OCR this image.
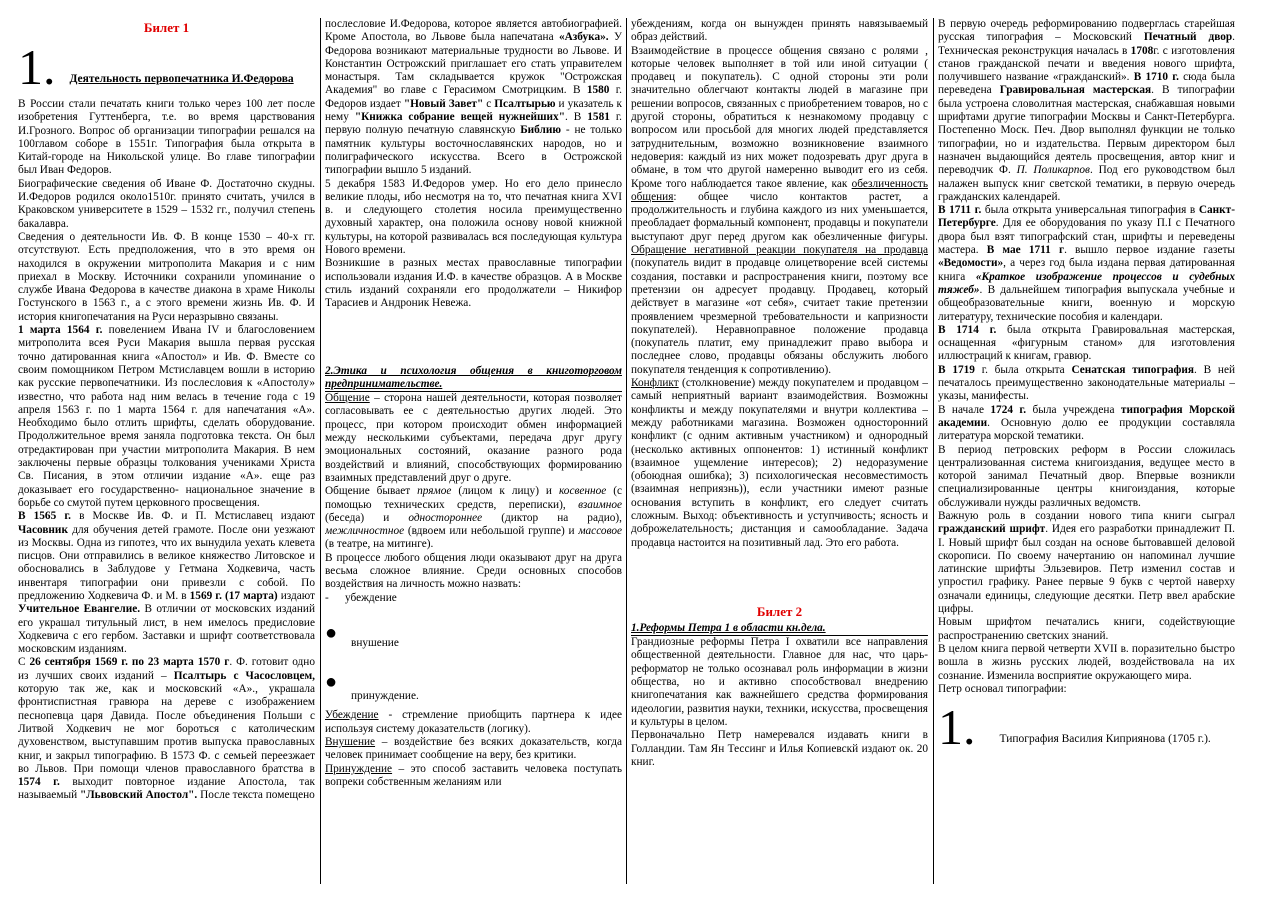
Билет 1
1 . Деятельность первопечатника И.Федорова

В России стали печатать книги только через 100 лет после изобретения Гуттенберга, т.е. во время царствования И.Грозного. Вопрос об организации типографии решался на 100главом соборе в 1551г. Типография была открыта в Китай-городе на Никольской улице. Во главе типографии был Иван Федоров.

Биографические сведения об Иване Ф. Достаточно скудны. И.Федоров родился около1510г. принято считать, учился в Краковском университете в 1529 – 1532 гг., получил степень бакалавра.

Сведения о деятельности Ив. Ф. В конце 1530 – 40-х гг. отсутствуют. Есть предположения, что в это время он находился в окружении митрополита Макария и с ним приехал в Москву. Источники сохранили упоминание о службе Ивана Федорова в качестве диакона в храме Николы Гостунского в 1563 г., а с этого времени жизнь Ив. Ф. И история книгопечатания на Руси неразрывно связаны.

1 марта 1564 г. повелением Ивана IV и благословением митрополита всея Руси Макария вышла первая русская точно датированная книга «Апостол» и Ив. Ф. Вместе со своим помощником Петром Мстиславцем вошли в историю как русские первопечатники. Из послесловия к «Апостолу» известно, что работа над ним велась в течение года с 19 апреля 1563 г. по 1 марта 1564 г. для напечатания «А». Необходимо было отлить шрифты, сделать оборудование. Продолжительное время заняла подготовка текста. Он был отредактирован при участии митрополита Макария. В нем заключены первые образцы толкования учениками Христа Св. Писания, в этом отличии издание «А». еще раз доказывает его государственно- национальное значение в борьбе со смутой путем церковного просвещения.

В 1565 г. в Москве Ив. Ф. и П. Мстиславец издают Часовник для обучения детей грамоте. После они уезжают из Москвы. Одна из гипотез, что их вынудила уехать клевета писцов. Они отправились в великое княжество Литовское и обосновались в Заблудове у Гетмана Ходкевича, часть инвентаря типографии они привезли с собой. По предложению Ходкевича Ф. и М. в 1569 г. (17 марта) издают Учительное Евангелие. В отличии от московских изданий его украшал титульный лист, в нем имелось предисловие Ходкевича с его гербом. Заставки и шрифт соответствовала московским изданиям.

С 26 сентября 1569 г. по 23 марта 1570 г. Ф. готовит одно из лучших своих изданий – Псалтырь с Часословцем, которую так же, как и московский «А»., украшала фронтиспистная гравюра на дереве с изображением песнопевца царя Давида. После объединения Польши с Литвой Ходкевич не мог бороться с католическим духовенством, выступавшим против выпуска православных книг, и закрыл типографию. В 1573 Ф. с семьей переезжает во Львов. При помощи членов православного братства в 1574 г. выходит повторное издание Апостола, так называемый "Львовский Апостол". После текста помещено

послесловие И.Федорова, которое является автобиографией. Кроме Апостола, во Львове была напечатана «Азбука». У Федорова возникают материальные трудности во Львове. И Константин Острожский приглашает его стать управителем монастыря. Там складывается кружок "Острожская Академия" во главе с Герасимом Смотрицким. В 1580 г. Федоров издает "Новый Завет" с Псалтырью и указатель к нему "Книжка собрание вещей нужнейших". В 1581 г. первую полную печатную славянскую Библию - не только памятник культуры восточнославянских народов, но и полиграфического искусства. Всего в Острожской типографии вышло 5 изданий.

5 декабря 1583 И.Федоров умер. Но его дело принесло великие плоды, ибо несмотря на то, что печатная книга XVI в. и следующего столетия носила преимущественно духовный характер, она положила основу новой книжной культуры, на которой развивалась вся последующая культура Нового времени.

Возникшие в разных местах православные типографии использовали издания И.Ф. в качестве образцов. А в Москве стиль изданий сохраняли его продолжатели – Никифор Тарасиев и Андроник Невежа.

2.Этика и психология общения в книготорговом предпринимательстве.

Общение – сторона нашей деятельности, которая позволяет согласовывать ее с деятельностью других людей. Это процесс, при котором происходит обмен информацией между несколькими субъектами, передача друг другу эмоциональных состояний, оказание разного рода воздействий и влияний, способствующих формированию взаимных представлений друг о друге.

Общение бывает прямое (лицом к лицу) и косвенное (с помощью технических средств, переписки), взаимное (беседа) и одностороннее (диктор на радио), межличностное (вдвоем или небольшой группе) и массовое (в театре, на митинге).

В процессе любого общения люди оказывают друг на друга весьма сложное влияние. Среди основных способов воздействия на личность можно назвать:

-	убеждение
●	внушение
●
принуждение.

Убеждение - стремление приобщить партнера к идее используя систему доказательств (логику).

Внушение – воздействие без всяких доказательств, когда человек принимает сообщение на веру, без критики.

Принуждение – это способ заставить человека поступать вопреки собственным желаниям или

убеждениям, когда он вынужден принять навязываемый образ действий.

Взаимодействие в процессе общения связано с ролями , которые человек выполняет в той или иной ситуации ( продавец и покупатель). С одной стороны эти роли значительно облегчают контакты людей в магазине при решении вопросов, связанных с приобретением товаров, но с другой стороны, обратиться к незнакомому продавцу с вопросом или просьбой для многих людей представляется затруднительным, возможно возникновение взаимного недоверия: каждый из них может подозревать друг друга в обмане, в том что другой намеренно выводит его из себя. Кроме того наблюдается такое явление, как обезличенность общения: общее число контактов растет, а продолжительность и глубина каждого из них уменьшается, преобладает формальный компонент, продавцы и покупатели выступают друг перед другом как обезличенные фигуры. Обращение негативной реакции покупателя на продавца (покупатель видит в продавце олицетворение всей системы создания, поставки и распространения книги, поэтому все претензии он адресует продавцу. Продавец, который действует в магазине «от себя», считает такие претензии проявлением чрезмерной требовательности и капризности покупателей). Неравноправное положение продавца (покупатель платит, ему принадлежит право выбора и последнее слово, продавцы обязаны обслужить любого покупателя тенденция к сопротивлению).

Конфликт (столкновение) между покупателем и продавцом – самый неприятный вариант взаимодействия. Возможны конфликты и между покупателями и внутри коллектива – между работниками магазина. Возможен односторонний конфликт (с одним активным участником) и однородный (несколько активных оппонентов: 1) истинный конфликт (взаимное ущемление интересов); 2) недоразумение (обоюдная ошибка); 3) психологическая несовместимость (взаимная неприязнь)), если участники имеют разные основания вступить в конфликт, его следует считать сложным. Выход: объективность и уступчивость; ясность и доброжелательность; дистанция и самообладание. Задача продавца настоится на позитивный лад. Это его работа.

Билет 2

1.Реформы Петра 1 в области кн.дела.

Грандиозные реформы Петра I охватили все направления общественной деятельности. Главное для нас, что царь- реформатор не только осознавал роль информации в жизни общества, но и активно способствовал внедрению книгопечатания как важнейшего средства формирования идеологии, развития науки, техники, искусства, просвещения и культуры в целом.

Первоначально Петр намеревался издавать книги в Голландии. Там Ян Тессинг и Илья Копиевскй издают ок. 20 книг.

В первую очередь реформированию подверглась старейшая русская типография – Московский Печатный двор. Техническая реконструкция началась в 1708г. с изготовления станов гражданской печати и введения нового шрифта, получившего название «гражданский». В 1710 г. сюда была переведена Гравировальная мастерская. В типографии была устроена словолитная мастерская, снабжавшая новыми шрифтами другие типографии Москвы и Санкт-Петербурга. Постепенно Моск. Печ. Двор выполнял функции не только типографии, но и издательства. Первым директором был назначен выдающийся деятель просвещения, автор книг и переводчик Ф. П. Поликарпов. Под его руководством был налажен выпуск книг светской тематики, в первую очередь гражданских календарей.

В 1711 г. была открыта универсальная типография в Санкт-Петербурге. Для ее оборудования по указу П.I с Печатного двора был взят типографский стан, шрифты и переведены мастера. В мае 1711 г. вышло первое издание газеты «Ведомости», а через год была издана первая датированная книга «Краткое изображение процессов и судебных тяжеб». В дальнейшем типография выпускала учебные и общеобразовательные книги, военную и морскую литературу, технические пособия и календари.

В 1714 г. была открыта Гравировальная мастерская, оснащенная «фигурным станом» для изготовления иллюстраций к книгам, гравюр.

В 1719 г. была открыта Сенатская типография. В ней печаталось преимущественно законодательные материалы – указы, манифесты.

В начале 1724 г. была учреждена типография Морской академии. Основную долю ее продукции составляла литература морской тематики.

В период петровских реформ в России сложилась централизованная система книгоиздания, ведущее место в которой занимал Печатный двор. Впервые возникли специализированные центры книгоиздания, которые обслуживали нужды различных ведомств.

Важную роль в создании нового типа книги сыграл гражданский шрифт. Идея его разработки принадлежит П. I. Новый шрифт был создан на основе бытовавшей деловой скорописи. По своему начертанию он напоминал лучшие латинские шрифты Эльзевиров. Петр изменил состав и упростил графику. Ранее первые 9 букв с чертой наверху означали единицы, следующие десятки. Петр ввел арабские цифры.

Новым шрифтом печатались книги, содействующие распространению светских знаний.

В целом книга первой четверти XVII в. поразительно быстро вошла в жизнь русских людей, воздействовала на их сознание. Изменила восприятие окружающего мира.

Петр основал типографии:

1 . Типография Василия Киприянова (1705 г.).
